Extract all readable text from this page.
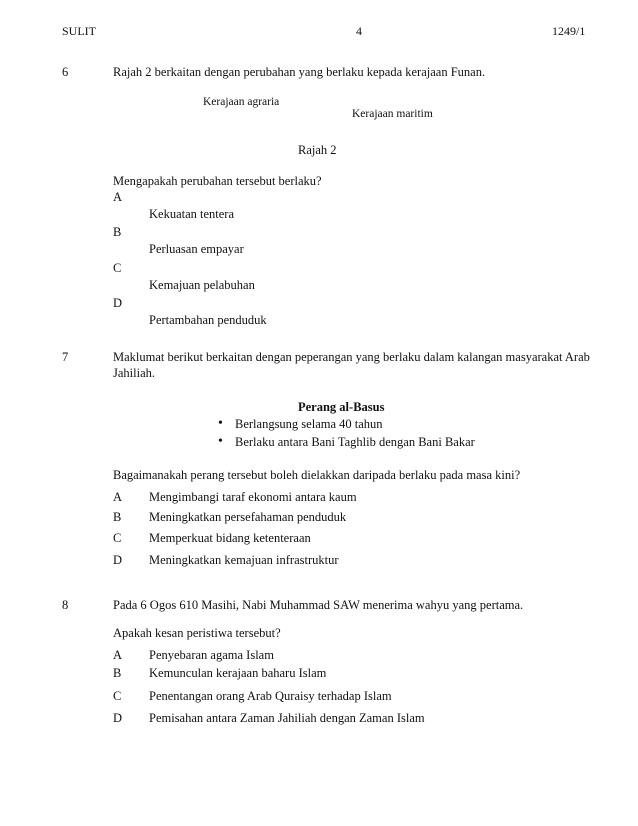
SULIT	4	1249/1
6	Rajah 2 berkaitan dengan perubahan yang berlaku kepada kerajaan Funan.
Kerajaan agraria
Kerajaan maritim
Rajah 2
Mengapakah perubahan tersebut berlaku?
A
Kekuatan tentera
B
Perluasan empayar
C
Kemajuan pelabuhan
D
Pertambahan penduduk
7	Maklumat berikut berkaitan dengan peperangan yang berlaku dalam kalangan masyarakat Arab
Jahiliah.
Perang al-Basus
• Berlangsung selama 40 tahun
• Berlaku antara Bani Taghlib dengan Bani Bakar
Bagaimanakah perang tersebut boleh dielakkan daripada berlaku pada masa kini?
A Mengimbangi taraf ekonomi antara kaum
B Meningkatkan persefahaman penduduk
C Memperkuat bidang ketenteraan
D Meningkatkan kemajuan infrastruktur
8	Pada 6 Ogos 610 Masihi, Nabi Muhammad SAW menerima wahyu yang pertama.
Apakah kesan peristiwa tersebut?
A Penyebaran agama Islam
B Kemunculan kerajaan baharu Islam
C Penentangan orang Arab Quraisy terhadap Islam
D Pemisahan antara Zaman Jahiliah dengan Zaman Islam
